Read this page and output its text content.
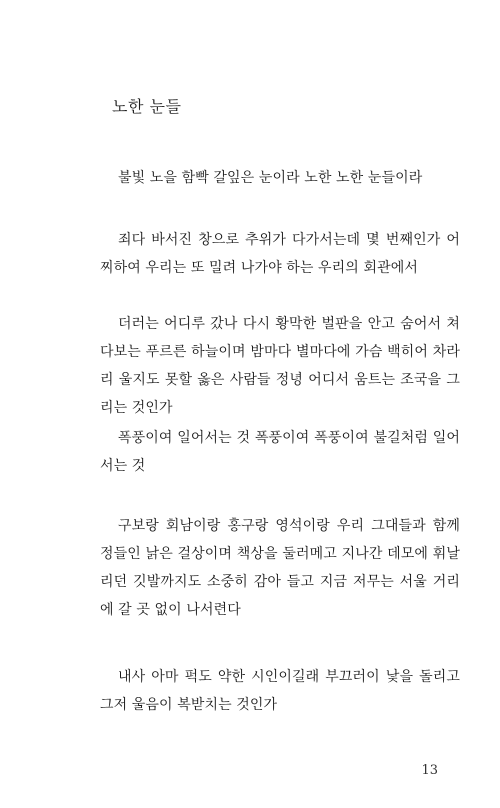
노한 눈들

불빛 노을 함빡 갈잎은 눈이라 노한 노한 눈들이라

죄다 바서진 창으로 추위가 다가서는데 몇 번째인가 어찌하여 우리는 또 밀려 나가야 하는 우리의 회관에서

더러는 어디루 갔나 다시 황막한 벌판을 안고 숨어서 쳐다보는 푸르른 하늘이며 밤마다 별마다에 가슴 백히어 차라리 울지도 못할 옳은 사람들 정녕 어디서 움트는 조국을 그리는 것인가

폭풍이여 일어서는 것 폭풍이여 폭풍이여 불길처럼 일어서는 것

구보랑 회남이랑 홍구랑 영석이랑 우리 그대들과 함께 정들인 낡은 걸상이며 책상을 둘러메고 지나간 데모에 휘날리던 깃발까지도 소중히 감아 들고 지금 저무는 서울 거리에 갈 곳 없이 나서련다

내사 아마 퍽도 약한 시인이길래 부끄러이 낯을 돌리고 그저 울음이 복받치는 것인가

13
